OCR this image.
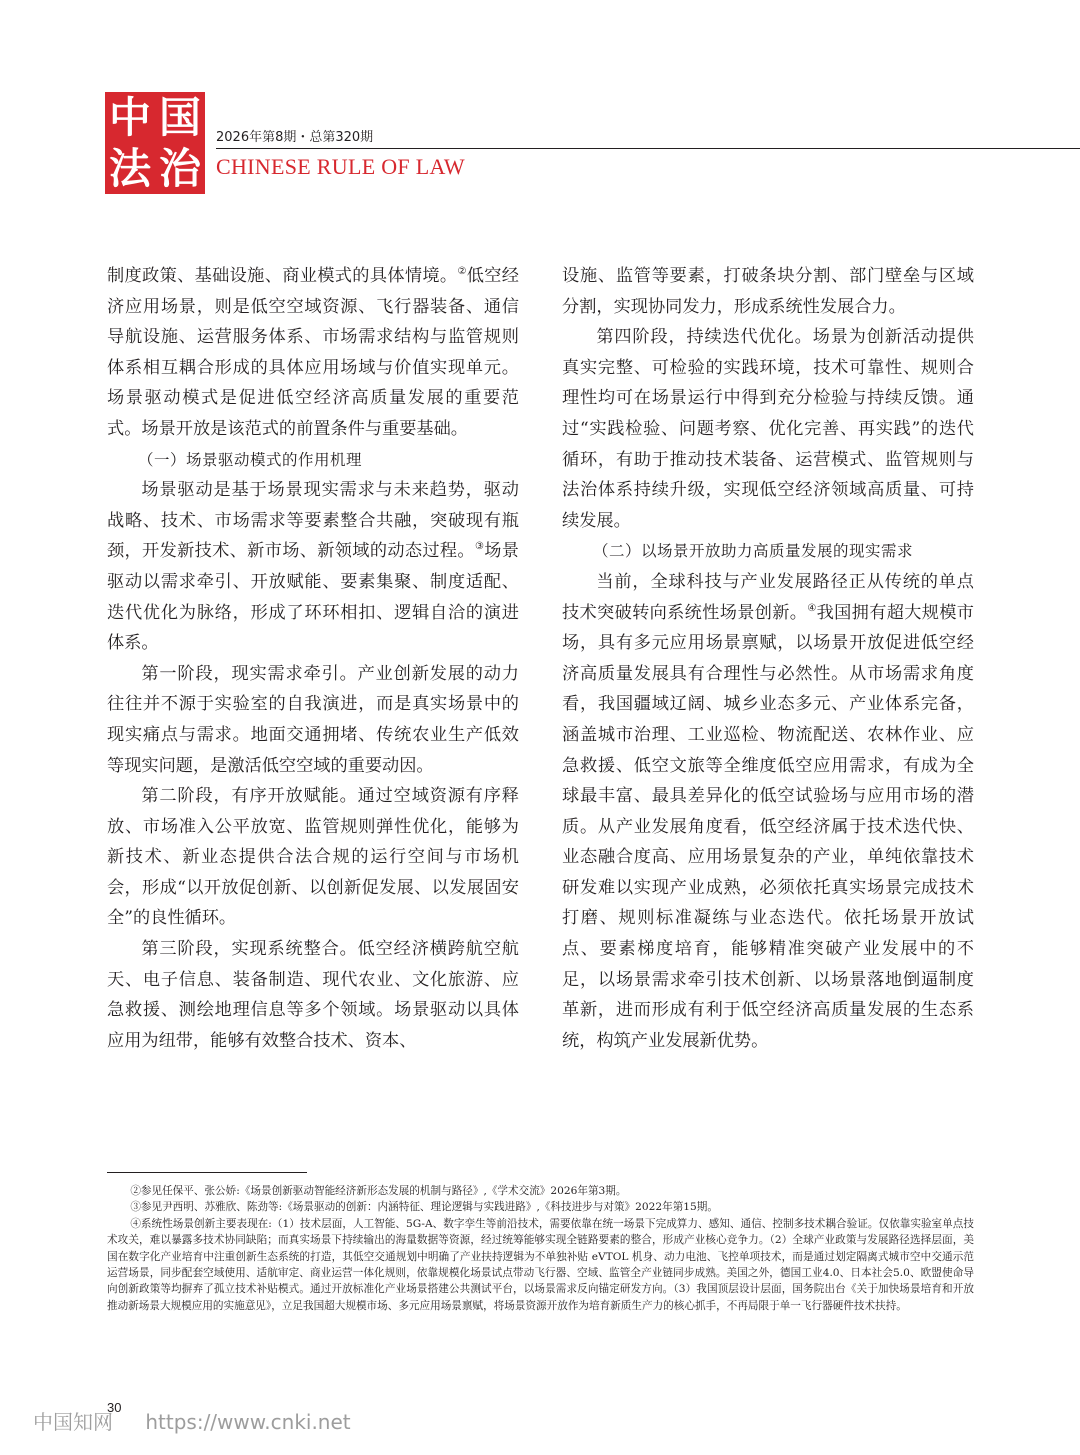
中 国
法 治
2026年第8期・总第320期
CHINESE RULE OF LAW

制度政策、基础设施、商业模式的具体情境。②低空经济应用场景，则是低空空域资源、飞行器装备、通信导航设施、运营服务体系、市场需求结构与监管规则体系相互耦合形成的具体应用场域与价值实现单元。场景驱动模式是促进低空经济高质量发展的重要范式。场景开放是该范式的前置条件与重要基础。

（一）场景驱动模式的作用机理

场景驱动是基于场景现实需求与未来趋势，驱动战略、技术、市场需求等要素整合共融，突破现有瓶颈，开发新技术、新市场、新领域的动态过程。③场景驱动以需求牵引、开放赋能、要素集聚、制度适配、迭代优化为脉络，形成了环环相扣、逻辑自洽的演进体系。

第一阶段，现实需求牵引。产业创新发展的动力往往并不源于实验室的自我演进，而是真实场景中的现实痛点与需求。地面交通拥堵、传统农业生产低效等现实问题，是激活低空空域的重要动因。

第二阶段，有序开放赋能。通过空域资源有序释放、市场准入公平放宽、监管规则弹性优化，能够为新技术、新业态提供合法合规的运行空间与市场机会，形成“以开放促创新、以创新促发展、以发展固安全”的良性循环。

第三阶段，实现系统整合。低空经济横跨航空航天、电子信息、装备制造、现代农业、文化旅游、应急救援、测绘地理信息等多个领域。场景驱动以具体应用为纽带，能够有效整合技术、资本、

设施、监管等要素，打破条块分割、部门壁垒与区域分割，实现协同发力，形成系统性发展合力。

第四阶段，持续迭代优化。场景为创新活动提供真实完整、可检验的实践环境，技术可靠性、规则合理性均可在场景运行中得到充分检验与持续反馈。通过“实践检验、问题考察、优化完善、再实践”的迭代循环，有助于推动技术装备、运营模式、监管规则与法治体系持续升级，实现低空经济领域高质量、可持续发展。

（二）以场景开放助力高质量发展的现实需求

当前，全球科技与产业发展路径正从传统的单点技术突破转向系统性场景创新。④我国拥有超大规模市场，具有多元应用场景禀赋，以场景开放促进低空经济高质量发展具有合理性与必然性。从市场需求角度看，我国疆域辽阔、城乡业态多元、产业体系完备，涵盖城市治理、工业巡检、物流配送、农林作业、应急救援、低空文旅等全维度低空应用需求，有成为全球最丰富、最具差异化的低空试验场与应用市场的潜质。从产业发展角度看，低空经济属于技术迭代快、业态融合度高、应用场景复杂的产业，单纯依靠技术研发难以实现产业成熟，必须依托真实场景完成技术打磨、规则标准凝练与业态迭代。依托场景开放试点、要素梯度培育，能够精准突破产业发展中的不足，以场景需求牵引技术创新、以场景落地倒逼制度革新，进而形成有利于低空经济高质量发展的生态系统，构筑产业发展新优势。

②参见任保平、张公娇:《场景创新驱动智能经济新形态发展的机制与路径》,《学术交流》2026年第3期。

③参见尹西明、苏雅欣、陈劲等:《场景驱动的创新：内涵特征、理论逻辑与实践进路》,《科技进步与对策》2022年第15期。

④系统性场景创新主要表现在:（1）技术层面，人工智能、5G-A、数字孪生等前沿技术，需要依靠在统一场景下完成算力、感知、通信、控制多技术耦合验证。仅依靠实验室单点技术攻关，难以暴露多技术协同缺陷；而真实场景下持续输出的海量数据等资源，经过统筹能够实现全链路要素的整合，形成产业核心竞争力。（2）全球产业政策与发展路径选择层面，美国在数字化产业培育中注重创新生态系统的打造，其低空交通规划中明确了产业扶持逻辑为不单独补贴 eVTOL 机身、动力电池、飞控单项技术，而是通过划定隔离式城市空中交通示范运营场景，同步配套空域使用、适航审定、商业运营一体化规则，依靠规模化场景试点带动飞行器、空域、监管全产业链同步成熟。美国之外，德国工业4.0、日本社会5.0、欧盟使命导向创新政策等均摒弃了孤立技术补贴模式。通过开放标准化产业场景搭建公共测试平台，以场景需求反向锚定研发方向。（3）我国顶层设计层面，国务院出台《关于加快场景培育和开放推动新场景大规模应用的实施意见》，立足我国超大规模市场、多元应用场景禀赋，将场景资源开放作为培育新质生产力的核心抓手，不再局限于单一飞行器硬件技术扶持。

30
中国知网 https://www.cnki.net
